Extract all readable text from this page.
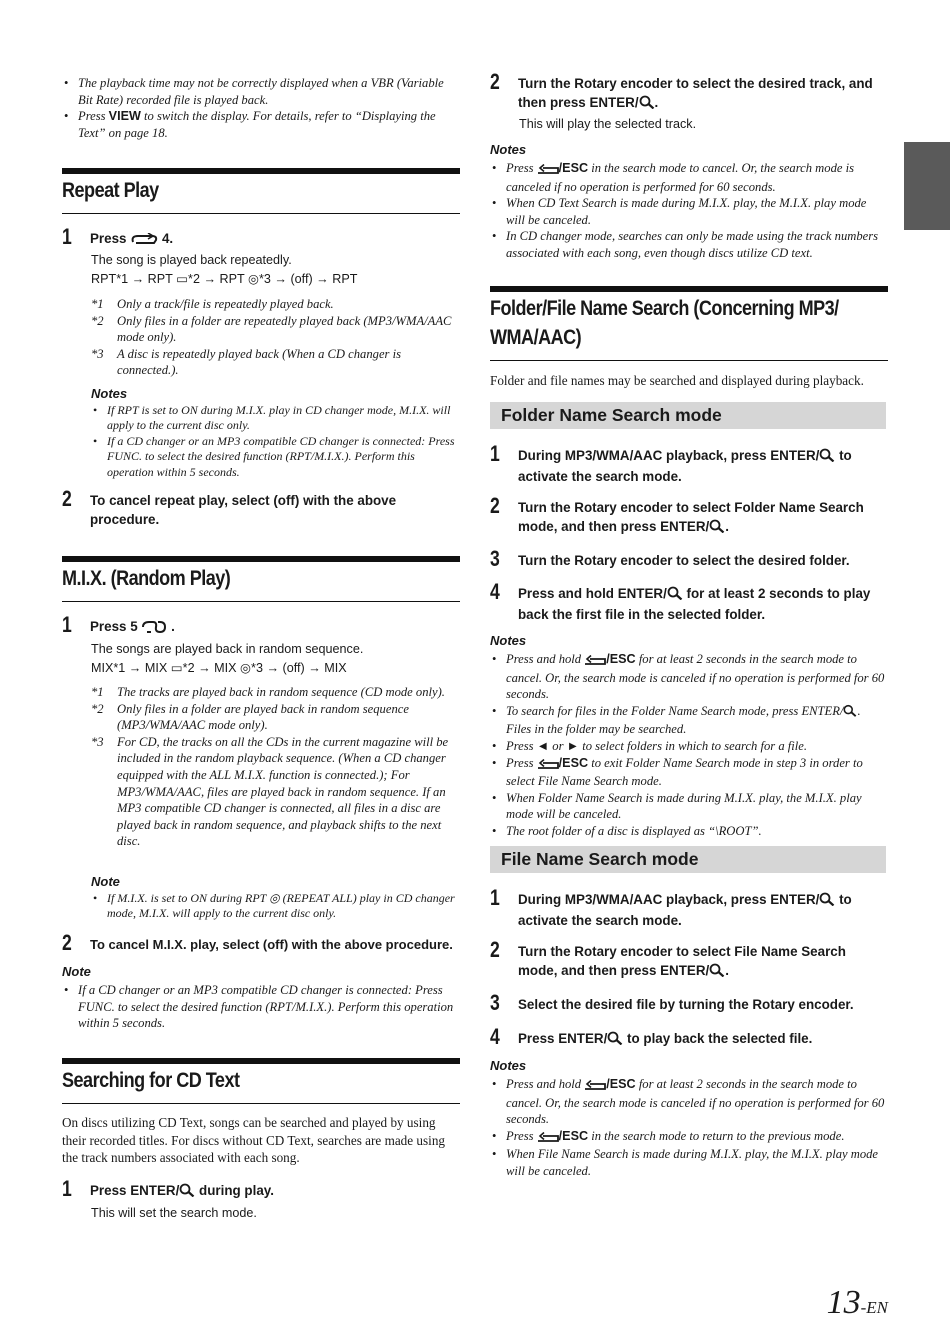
• The playback time may not be correctly displayed when a VBR (Variable Bit Rate) recorded file is played back.
• Press VIEW to switch the display. For details, refer to “Displaying the Text” on page 18.
Repeat Play
1	Press	4.
The song is played back repeatedly.
RPT*1 → RPT ▭*2 → RPT ◎*3 → (off) → RPT
*1	Only a track/file is repeatedly played back.
*2	Only files in a folder are repeatedly played back (MP3/WMA/AAC mode only).
*3	A disc is repeatedly played back (When a CD changer is connected.).
Notes
• If RPT is set to ON during M.I.X. play in CD changer mode, M.I.X. will apply to the current disc only.
• If a CD changer or an MP3 compatible CD changer is connected: Press FUNC. to select the desired function (RPT/M.I.X.). Perform this operation within 5 seconds.
2	To cancel repeat play, select (off) with the above procedure.
M.I.X. (Random Play)
1	Press 5 .
The songs are played back in random sequence.
MIX*1 → MIX ▭*2 → MIX ◎*3 → (off) → MIX
*1	The tracks are played back in random sequence (CD mode only).
*2	Only files in a folder are played back in random sequence (MP3/WMA/AAC mode only).
*3	For CD, the tracks on all the CDs in the current magazine will be included in the random playback sequence. (When a CD changer equipped with the ALL M.I.X. function is connected.); For MP3/WMA/AAC, files are played back in random sequence. If an MP3 compatible CD changer is connected, all files in a disc are played back in random sequence, and playback shifts to the next disc.
Note
• If M.I.X. is set to ON during RPT ◎ (REPEAT ALL) play in CD changer mode, M.I.X. will apply to the current disc only.
2	To cancel M.I.X. play, select (off) with the above procedure.
Note
• If a CD changer or an MP3 compatible CD changer is connected: Press FUNC. to select the desired function (RPT/M.I.X.). Perform this operation within 5 seconds.
Searching for CD Text
On discs utilizing CD Text, songs can be searched and played by using their recorded titles. For discs without CD Text, searches are made using the track numbers associated with each song.
1	Press ENTER/ during play.
This will set the search mode.
2	Turn the Rotary encoder to select the desired track, and then press ENTER/ .
This will play the selected track.
Notes
• Press /ESC in the search mode to cancel. Or, the search mode is canceled if no operation is performed for 60 seconds.
• When CD Text Search is made during M.I.X. play, the M.I.X. play mode will be canceled.
• In CD changer mode, searches can only be made using the track numbers associated with each song, even though discs utilize CD text.
Folder/File Name Search (Concerning MP3/
WMA/AAC)
Folder and file names may be searched and displayed during playback.
Folder Name Search mode
1	During MP3/WMA/AAC playback, press ENTER/ to activate the search mode.
2	Turn the Rotary encoder to select Folder Name Search mode, and then press ENTER/ .
3	Turn the Rotary encoder to select the desired folder.
4	Press and hold ENTER/ for at least 2 seconds to play back the first file in the selected folder.
Notes
• Press and hold /ESC for at least 2 seconds in the search mode to cancel. Or, the search mode is canceled if no operation is performed for 60 seconds.
• To search for files in the Folder Name Search mode, press ENTER/ . Files in the folder may be searched.
• Press ◄ or ► to select folders in which to search for a file.
• Press /ESC to exit Folder Name Search mode in step 3 in order to select File Name Search mode.
• When Folder Name Search is made during M.I.X. play, the M.I.X. play mode will be canceled.
• The root folder of a disc is displayed as “\ROOT”.
File Name Search mode
1	During MP3/WMA/AAC playback, press ENTER/ to activate the search mode.
2	Turn the Rotary encoder to select File Name Search mode, and then press ENTER/ .
3	Select the desired file by turning the Rotary encoder.
4	Press ENTER/ to play back the selected file.
Notes
• Press and hold /ESC for at least 2 seconds in the search mode to cancel. Or, the search mode is canceled if no operation is performed for 60 seconds.
• Press /ESC in the search mode to return to the previous mode.
• When File Name Search is made during M.I.X. play, the M.I.X. play mode will be canceled.
13-EN
